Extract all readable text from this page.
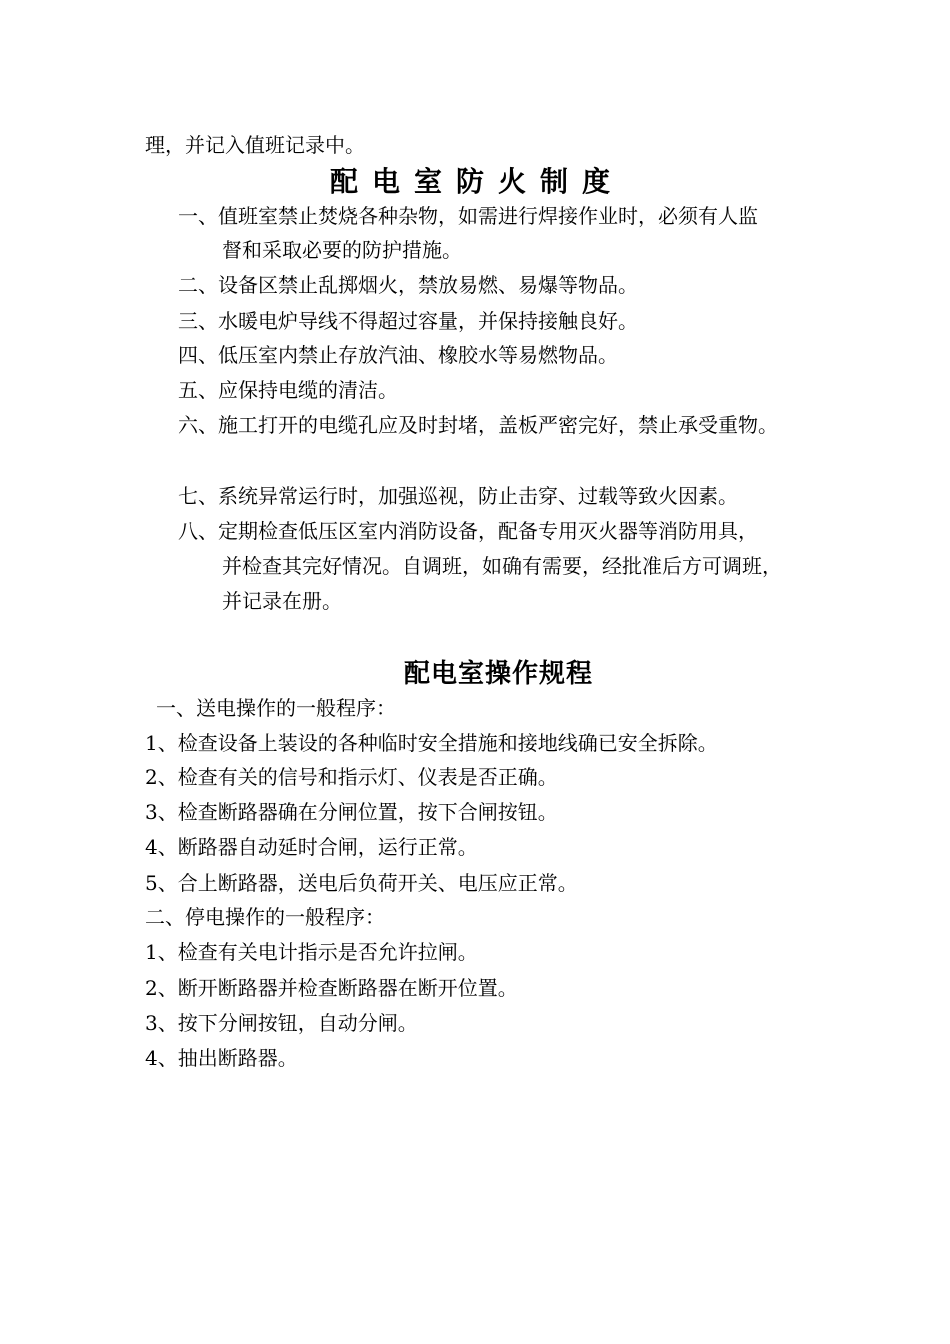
理，并记入值班记录中。
配电室防火制度
一、值班室禁止焚烧各种杂物，如需进行焊接作业时，必须有人监
督和采取必要的防护措施。
二、设备区禁止乱掷烟火，禁放易燃、易爆等物品。
三、水暖电炉导线不得超过容量，并保持接触良好。
四、低压室内禁止存放汽油、橡胶水等易燃物品。
五、应保持电缆的清洁。
六、施工打开的电缆孔应及时封堵，盖板严密完好，禁止承受重物。
七、系统异常运行时，加强巡视，防止击穿、过载等致火因素。
八、定期检查低压区室内消防设备，配备专用灭火器等消防用具，
并检查其完好情况。自调班，如确有需要，经批准后方可调班，
并记录在册。
配电室操作规程
一、送电操作的一般程序：
1、检查设备上装设的各种临时安全措施和接地线确已安全拆除。
2、检查有关的信号和指示灯、仪表是否正确。
3、检查断路器确在分闸位置，按下合闸按钮。
4、断路器自动延时合闸，运行正常。
5、合上断路器，送电后负荷开关、电压应正常。
二、停电操作的一般程序：
1、检查有关电计指示是否允许拉闸。
2、断开断路器并检查断路器在断开位置。
3、按下分闸按钮，自动分闸。
4、抽出断路器。
